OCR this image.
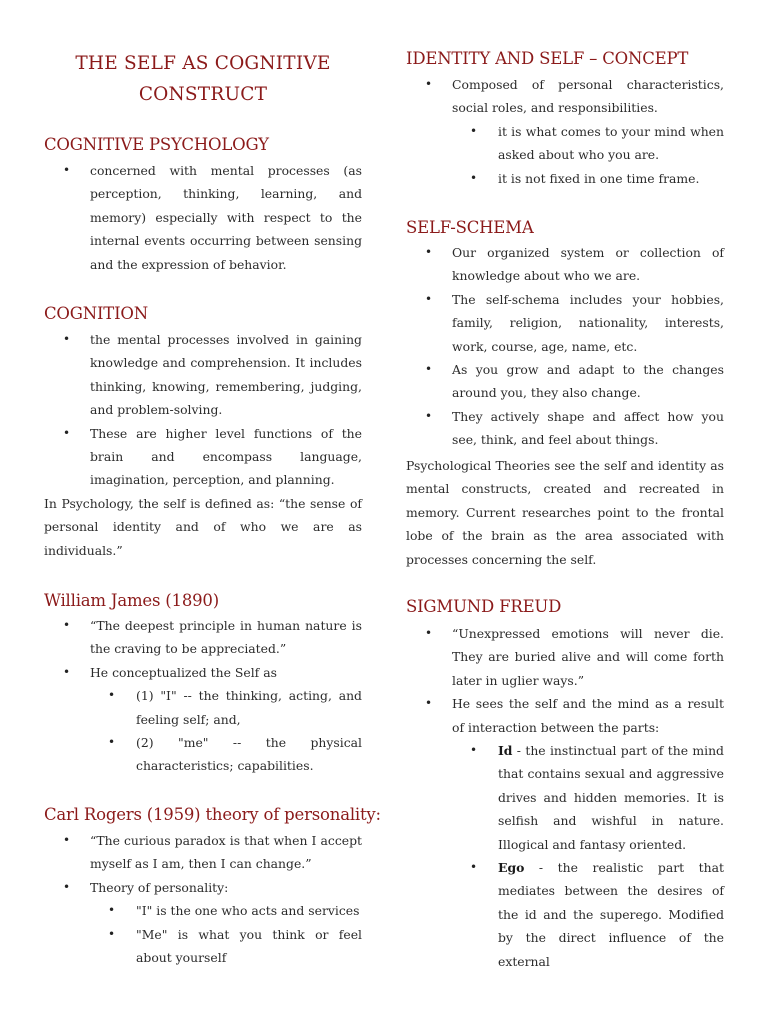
THE SELF AS COGNITIVE CONSTRUCT
COGNITIVE PSYCHOLOGY
• concerned with mental processes (as perception, thinking, learning, and memory) especially with respect to the internal events occurring between sensing and the expression of behavior.
COGNITION
• the mental processes involved in gaining knowledge and comprehension. It includes thinking, knowing, remembering, judging, and problem-solving.
• These are higher level functions of the brain and encompass language, imagination, perception, and planning.

In Psychology, the self is defined as: “the sense of personal identity and of who we are as individuals.”

William James (1890)
• “The deepest principle in human nature is the craving to be appreciated.”
• He conceptualized the Self as
• (1) "I" -- the thinking, acting, and feeling self; and,
• (2) "me" -- the physical characteristics; capabilities.
Carl Rogers (1959) theory of personality:
• “The curious paradox is that when I accept myself as I am, then I can change.”
• Theory of personality:
• "I" is the one who acts and services
• "Me" is what you think or feel about yourself
IDENTITY AND SELF – CONCEPT
• Composed of personal characteristics, social roles, and responsibilities.
• it is what comes to your mind when asked about who you are.
• it is not fixed in one time frame.
SELF-SCHEMA
• Our organized system or collection of knowledge about who we are.
• The self-schema includes your hobbies, family, religion, nationality, interests, work, course, age, name, etc.
• As you grow and adapt to the changes around you, they also change.
• They actively shape and affect how you see, think, and feel about things.

Psychological Theories see the self and identity as mental constructs, created and recreated in memory. Current researches point to the frontal lobe of the brain as the area associated with processes concerning the self.

SIGMUND FREUD
• “Unexpressed emotions will never die. They are buried alive and will come forth later in uglier ways.”
• He sees the self and the mind as a result of interaction between the parts:
• Id - the instinctual part of the mind that contains sexual and aggressive drives and hidden memories. It is selfish and wishful in nature. Illogical and fantasy oriented.
• Ego - the realistic part that mediates between the desires of the id and the superego. Modified by the direct influence of the external
